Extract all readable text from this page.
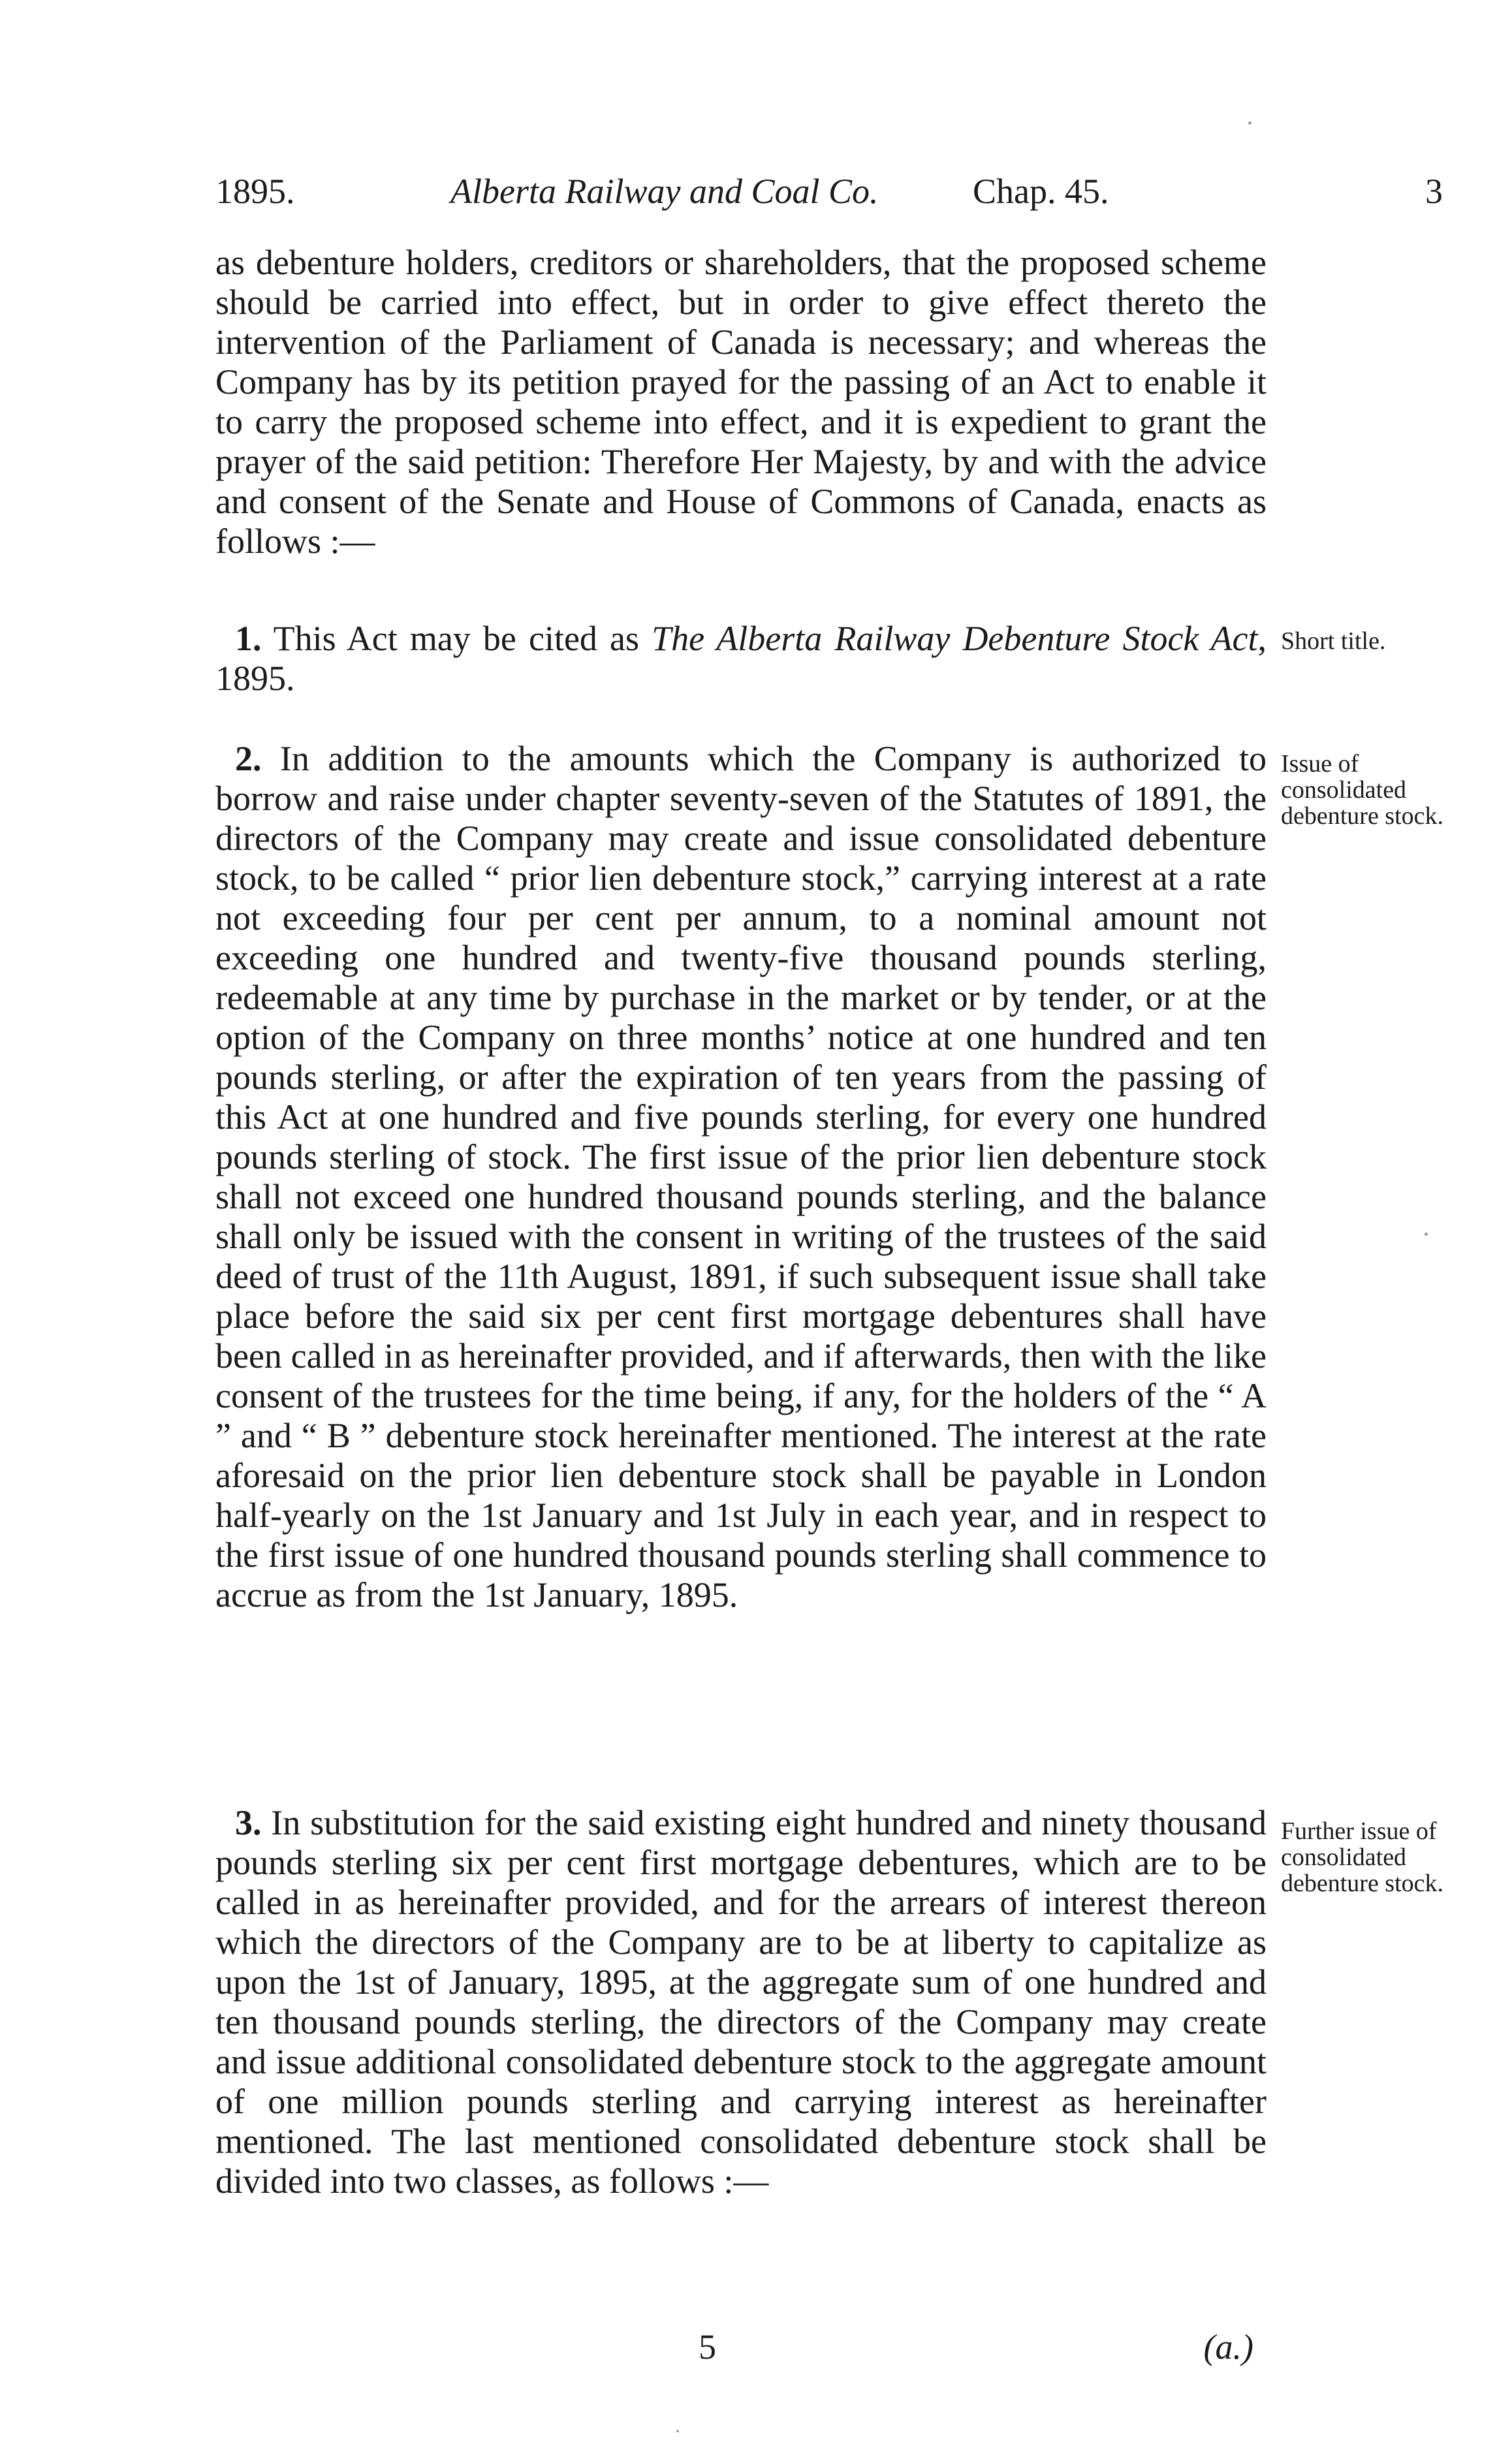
1895.	Alberta Railway and Coal Co.	Chap. 45.	3

as debenture holders, creditors or shareholders, that the proposed scheme should be carried into effect, but in order to give effect thereto the intervention of the Parliament of Canada is necessary; and whereas the Company has by its petition prayed for the passing of an Act to enable it to carry the proposed scheme into effect, and it is expedient to grant the prayer of the said petition: Therefore Her Majesty, by and with the advice and consent of the Senate and House of Commons of Canada, enacts as follows :—

1. This Act may be cited as The Alberta Railway Debenture Stock Act, 1895.

Short title.

2. In addition to the amounts which the Company is authorized to borrow and raise under chapter seventy-seven of the Statutes of 1891, the directors of the Company may create and issue consolidated debenture stock, to be called “ prior lien debenture stock,” carrying interest at a rate not exceeding four per cent per annum, to a nominal amount not exceeding one hundred and twenty-five thousand pounds sterling, redeemable at any time by purchase in the market or by tender, or at the option of the Company on three months’ notice at one hundred and ten pounds sterling, or after the expiration of ten years from the passing of this Act at one hundred and five pounds sterling, for every one hundred pounds sterling of stock. The first issue of the prior lien debenture stock shall not exceed one hundred thousand pounds sterling, and the balance shall only be issued with the consent in writing of the trustees of the said deed of trust of the 11th August, 1891, if such subsequent issue shall take place before the said six per cent first mortgage debentures shall have been called in as hereinafter provided, and if afterwards, then with the like consent of the trustees for the time being, if any, for the holders of the “ A ” and “ B ” debenture stock hereinafter mentioned. The interest at the rate aforesaid on the prior lien debenture stock shall be payable in London half-yearly on the 1st January and 1st July in each year, and in respect to the first issue of one hundred thousand pounds sterling shall commence to accrue as from the 1st January, 1895.

Issue of consolidated debenture stock.

3. In substitution for the said existing eight hundred and ninety thousand pounds sterling six per cent first mortgage debentures, which are to be called in as hereinafter provided, and for the arrears of interest thereon which the directors of the Company are to be at liberty to capitalize as upon the 1st of January, 1895, at the aggregate sum of one hundred and ten thousand pounds sterling, the directors of the Company may create and issue additional consolidated debenture stock to the aggregate amount of one million pounds sterling and carrying interest as hereinafter mentioned. The last mentioned consolidated debenture stock shall be divided into two classes, as follows :—

Further issue of consolidated debenture stock.
5	(a.)
